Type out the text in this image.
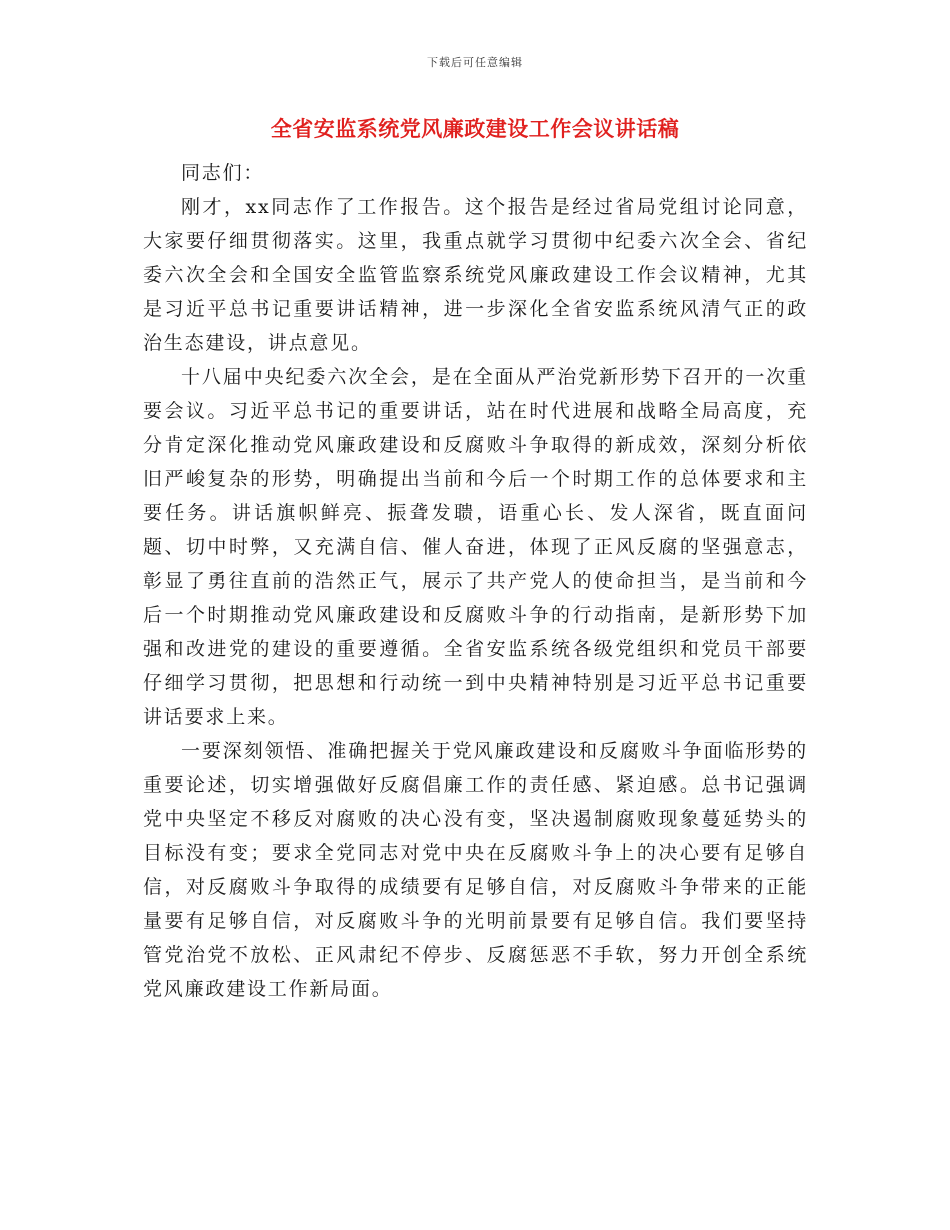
下载后可任意编辑
全省安监系统党风廉政建设工作会议讲话稿

同志们：

刚才，xx同志作了工作报告。这个报告是经过省局党组讨论同意，大家要仔细贯彻落实。这里，我重点就学习贯彻中纪委六次全会、省纪委六次全会和全国安全监管监察系统党风廉政建设工作会议精神，尤其是习近平总书记重要讲话精神，进一步深化全省安监系统风清气正的政治生态建设，讲点意见。

十八届中央纪委六次全会，是在全面从严治党新形势下召开的一次重要会议。习近平总书记的重要讲话，站在时代进展和战略全局高度，充分肯定深化推动党风廉政建设和反腐败斗争取得的新成效，深刻分析依旧严峻复杂的形势，明确提出当前和今后一个时期工作的总体要求和主要任务。讲话旗帜鲜亮、振聋发聩，语重心长、发人深省，既直面问题、切中时弊，又充满自信、催人奋进，体现了正风反腐的坚强意志，彰显了勇往直前的浩然正气，展示了共产党人的使命担当，是当前和今后一个时期推动党风廉政建设和反腐败斗争的行动指南，是新形势下加强和改进党的建设的重要遵循。全省安监系统各级党组织和党员干部要仔细学习贯彻，把思想和行动统一到中央精神特别是习近平总书记重要讲话要求上来。

一要深刻领悟、准确把握关于党风廉政建设和反腐败斗争面临形势的重要论述，切实增强做好反腐倡廉工作的责任感、紧迫感。总书记强调党中央坚定不移反对腐败的决心没有变，坚决遏制腐败现象蔓延势头的目标没有变；要求全党同志对党中央在反腐败斗争上的决心要有足够自信，对反腐败斗争取得的成绩要有足够自信，对反腐败斗争带来的正能量要有足够自信，对反腐败斗争的光明前景要有足够自信。我们要坚持管党治党不放松、正风肃纪不停步、反腐惩恶不手软，努力开创全系统党风廉政建设工作新局面。
